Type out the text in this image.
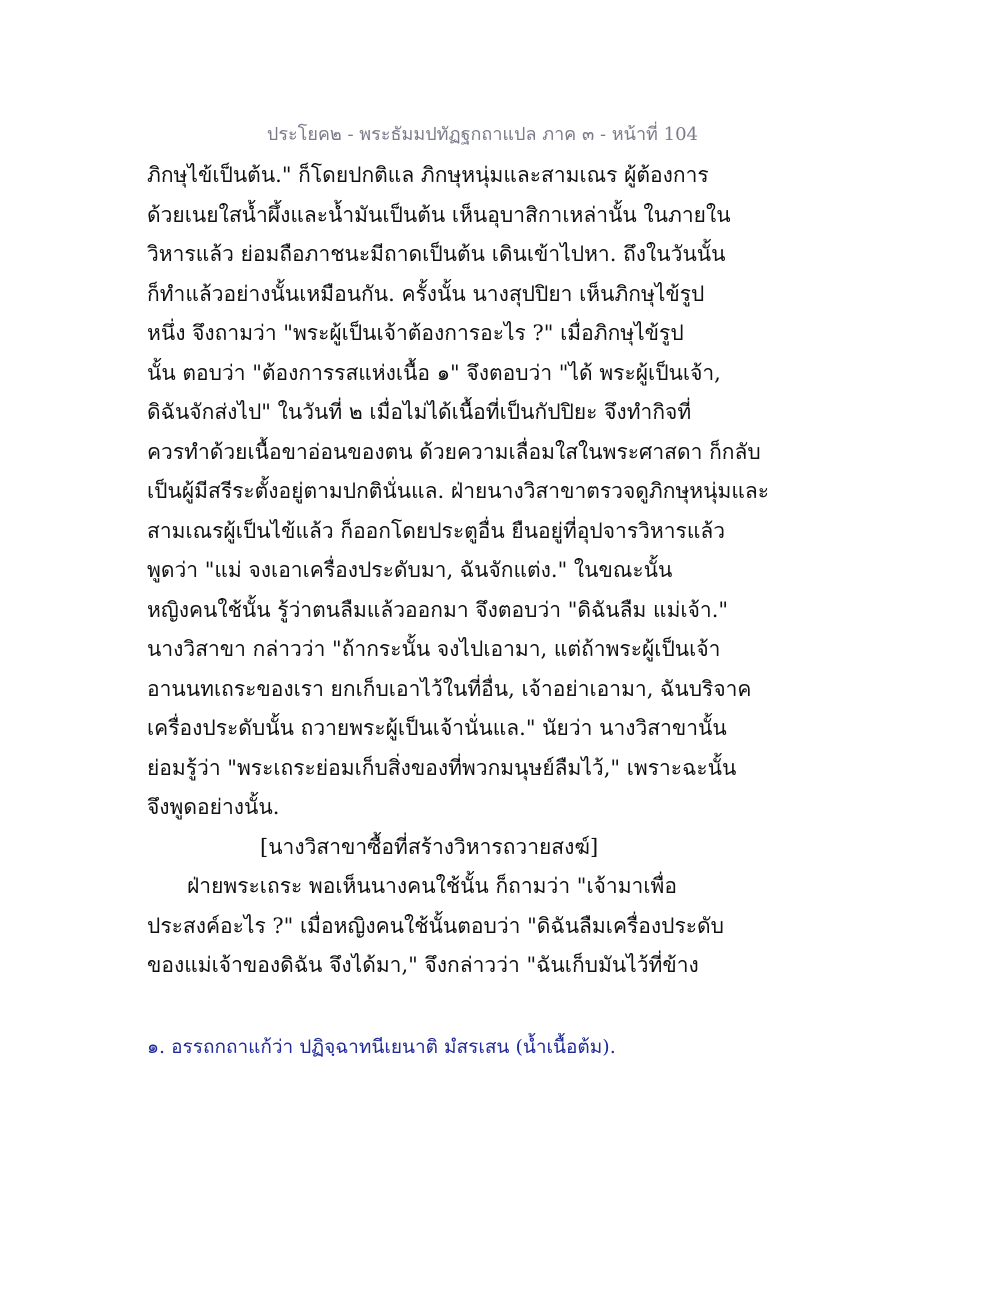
ประโยค๒ - พระธัมมปทัฏฐกถาแปล ภาค ๓ - หน้าที่ 104
ภิกษุไข้เป็นต้น." ก็โดยปกติแล ภิกษุหนุ่มและสามเณร ผู้ต้องการ
ด้วยเนยใสน้ำผึ้งและน้ำมันเป็นต้น เห็นอุบาสิกาเหล่านั้น ในภายใน
วิหารแล้ว ย่อมถือภาชนะมีถาดเป็นต้น เดินเข้าไปหา. ถึงในวันนั้น
ก็ทำแล้วอย่างนั้นเหมือนกัน. ครั้งนั้น นางสุปปิยา เห็นภิกษุไข้รูป
หนึ่ง จึงถามว่า "พระผู้เป็นเจ้าต้องการอะไร ?" เมื่อภิกษุไข้รูป
นั้น ตอบว่า "ต้องการรสแห่งเนื้อ ๑" จึงตอบว่า "ได้ พระผู้เป็นเจ้า,
ดิฉันจักส่งไป" ในวันที่ ๒ เมื่อไม่ได้เนื้อที่เป็นกัปปิยะ จึงทำกิจที่
ควรทำด้วยเนื้อขาอ่อนของตน ด้วยความเลื่อมใสในพระศาสดา ก็กลับ
เป็นผู้มีสรีระตั้งอยู่ตามปกตินั่นแล. ฝ่ายนางวิสาขาตรวจดูภิกษุหนุ่มและ
สามเณรผู้เป็นไข้แล้ว ก็ออกโดยประตูอื่น ยืนอยู่ที่อุปจารวิหารแล้ว
พูดว่า "แม่ จงเอาเครื่องประดับมา, ฉันจักแต่ง." ในขณะนั้น
หญิงคนใช้นั้น รู้ว่าตนลืมแล้วออกมา จึงตอบว่า "ดิฉันลืม แม่เจ้า."
นางวิสาขา กล่าวว่า "ถ้ากระนั้น จงไปเอามา, แต่ถ้าพระผู้เป็นเจ้า
อานนทเถระของเรา ยกเก็บเอาไว้ในที่อื่น, เจ้าอย่าเอามา, ฉันบริจาค
เครื่องประดับนั้น ถวายพระผู้เป็นเจ้านั่นแล." นัยว่า นางวิสาขานั้น
ย่อมรู้ว่า "พระเถระย่อมเก็บสิ่งของที่พวกมนุษย์ลืมไว้," เพราะฉะนั้น
จึงพูดอย่างนั้น.
[นางวิสาขาซื้อที่สร้างวิหารถวายสงฆ์]
ฝ่ายพระเถระ พอเห็นนางคนใช้นั้น ก็ถามว่า "เจ้ามาเพื่อ
ประสงค์อะไร ?" เมื่อหญิงคนใช้นั้นตอบว่า "ดิฉันลืมเครื่องประดับ
ของแม่เจ้าของดิฉัน จึงได้มา," จึงกล่าวว่า "ฉันเก็บมันไว้ที่ข้าง
๑. อรรถกถาแก้ว่า ปฏิจฺฉาทนีเยนาติ มํสรเสน (น้ำเนื้อต้ม).
